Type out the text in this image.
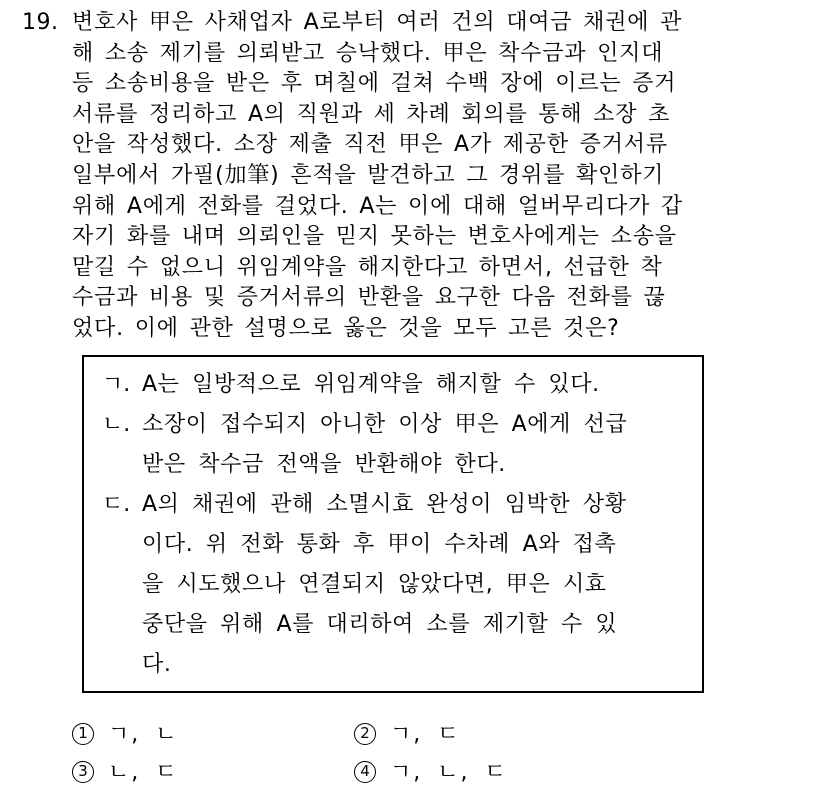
19. 변호사 甲은 사채업자 A로부터 여러 건의 대여금 채권에 관
해 소송 제기를 의뢰받고 승낙했다. 甲은 착수금과 인지대
등 소송비용을 받은 후 며칠에 걸쳐 수백 장에 이르는 증거
서류를 정리하고 A의 직원과 세 차례 회의를 통해 소장 초
안을 작성했다. 소장 제출 직전 甲은 A가 제공한 증거서류
일부에서 가필(加筆) 흔적을 발견하고 그 경위를 확인하기
위해 A에게 전화를 걸었다. A는 이에 대해 얼버무리다가 갑
자기 화를 내며 의뢰인을 믿지 못하는 변호사에게는 소송을
맡길 수 없으니 위임계약을 해지한다고 하면서, 선급한 착
수금과 비용 및 증거서류의 반환을 요구한 다음 전화를 끊
었다. 이에 관한 설명으로 옳은 것을 모두 고른 것은?
ㄱ. A는 일방적으로 위임계약을 해지할 수 있다.
ㄴ. 소장이 접수되지 아니한 이상 甲은 A에게 선급
받은 착수금 전액을 반환해야 한다.
ㄷ. A의 채권에 관해 소멸시효 완성이 임박한 상황
이다. 위 전화 통화 후 甲이 수차례 A와 접촉
을 시도했으나 연결되지 않았다면, 甲은 시효
중단을 위해 A를 대리하여 소를 제기할 수 있
다.
1 ㄱ, ㄴ	2 ㄱ, ㄷ
3 ㄴ, ㄷ	4 ㄱ, ㄴ, ㄷ
